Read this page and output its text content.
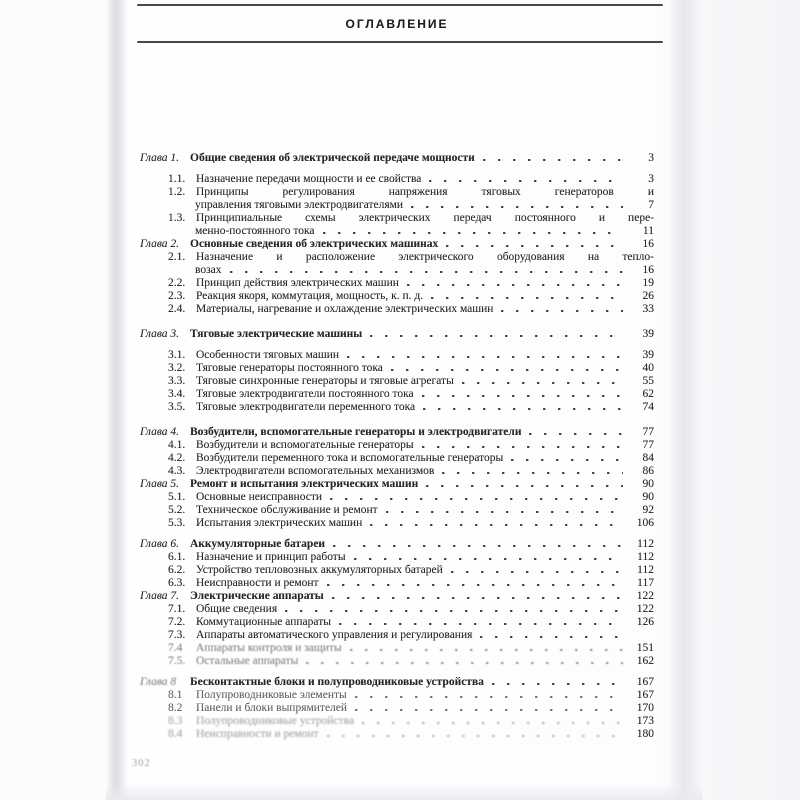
ОГЛАВЛЕНИЕ
Глава 1. Общие сведения об электрической передаче мощности	3
1.1. Назначение передачи мощности и ее свойства	3
1.2. Принципы регулирования напряжения тяговых генераторов и
управления тяговыми электродвигателями	7
1.3. Принципиальные схемы электрических передач постоянного и пере-
менно-постоянного тока	11
Глава 2. Основные сведения об электрических машинах	16
2.1. Назначение и расположение электрического оборудования на тепло-
возах	16
2.2. Принцип действия электрических машин	19
2.3. Реакция якоря, коммутация, мощность, к. п. д.	26
2.4. Материалы, нагревание и охлаждение электрических машин	33
Глава 3. Тяговые электрические машины	39
3.1. Особенности тяговых машин	39
3.2. Тяговые генераторы постоянного тока	40
3.3. Тяговые синхронные генераторы и тяговые агрегаты	55
3.4. Тяговые электродвигатели постоянного тока	62
3.5. Тяговые электродвигатели переменного тока	74
Глава 4. Возбудители, вспомогательные генераторы и электродвигатели	77
4.1. Возбудители и вспомогательные генераторы	77
4.2. Возбудители переменного тока и вспомогательные генераторы	84
4.3. Электродвигатели вспомогательных механизмов	86
Глава 5. Ремонт и испытания электрических машин	90
5.1. Основные неисправности	90
5.2. Техническое обслуживание и ремонт	92
5.3. Испытания электрических машин	106
Глава 6. Аккумуляторные батареи	112
6.1. Назначение и принцип работы	112
6.2. Устройство тепловозных аккумуляторных батарей	112
6.3. Неисправности и ремонт	117
Глава 7. Электрические аппараты	122
7.1. Общие сведения	122
7.2. Коммутационные аппараты	126
7.3. Аппараты автоматического управления и регулирования
7.4	Аппараты контроля и защиты	151
7.5. Остальные аппараты	162
Глава 8	Бесконтактные блоки и полупроводниковые устройства	167
8.1	Полупроводниковые элементы	167
8.2	Панели и блоки выпрямителей	170
8.3	Полупроводниковые устройства	173
8.4	Неисправности и ремонт	180
302
